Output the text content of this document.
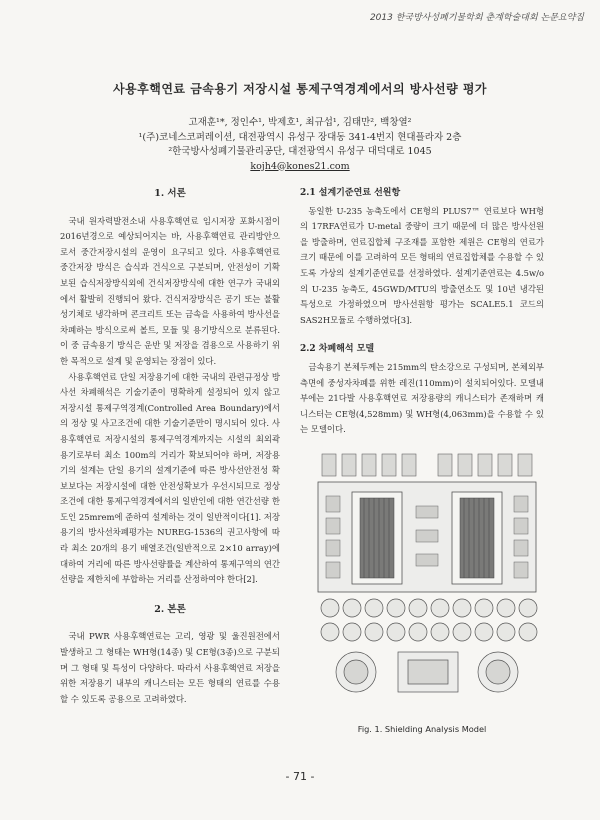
2013 한국방사성폐기물학회 춘계학술대회 논문요약집
사용후핵연료 금속용기 저장시설 통제구역경계에서의 방사선량 평가
고재훈¹*, 정인수¹, 박제호¹, 최규섭¹, 김태만², 백창열²
¹(주)코네스코퍼레이션, 대전광역시 유성구 장대동 341-4번지 현대플라자 2층
²한국방사성폐기물관리공단, 대전광역시 유성구 대덕대로 1045
kojh4@kones21.com
1. 서론

국내 원자력발전소내 사용후핵연료 임시저장 포화시점이 2016년경으로 예상되어지는 바, 사용후핵연료 관리방안으로서 중간저장시설의 운영이 요구되고 있다. 사용후핵연료 중간저장 방식은 습식과 건식으로 구분되며, 안전성이 기확보된 습식저장방식외에 건식저장방식에 대한 연구가 국내외에서 활발히 진행되어 왔다. 건식저장방식은 공기 또는 불활성기체로 냉각하며 콘크리트 또는 금속을 사용하여 방사선을 차폐하는 방식으로써 볼트, 모듈 및 용기방식으로 분류된다. 이 중 금속용기 방식은 운반 및 저장을 겸용으로 사용하기 위한 목적으로 설계 및 운영되는 장점이 있다.

사용후핵연료 단일 저장용기에 대한 국내의 관련규정상 방사선 차폐해석은 기술기준이 명확하게 설정되어 있지 않고 저장시설 통제구역경계(Controlled Area Boundary)에서의 정상 및 사고조건에 대한 기술기준만이 명시되어 있다. 사용후핵연료 저장시설의 통제구역경계까지는 시설의 최외곽 용기로부터 최소 100m의 거리가 확보되어야 하며, 저장용기의 설계는 단일 용기의 설계기준에 따른 방사선안전성 확보보다는 저장시설에 대한 안전성확보가 우선시되므로 정상조건에 대한 통제구역경계에서의 일반인에 대한 연간선량 한도인 25mrem에 준하여 설계하는 것이 일반적이다[1]. 저장용기의 방사선차폐평가는 NUREG-1536의 권고사항에 따라 최소 20개의 용기 배열조건(일반적으로 2×10 array)에 대하여 거리에 따른 방사선량률을 계산하여 통제구역의 연간선량을 제한치에 부합하는 거리를 산정하여야 한다[2].

2. 본론

국내 PWR 사용후핵연료는 고리, 영광 및 울진원전에서 발생하고 그 형태는 WH형(14종) 및 CE형(3종)으로 구분되며 그 형태 및 특성이 다양하다. 따라서 사용후핵연료 저장을 위한 저장용기 내부의 캐니스터는 모든 형태의 연료를 수용할 수 있도록 공용으로 고려하였다.

2.1 설계기준연료 선원항

동일한 U-235 농축도에서 CE형의 PLUS7™ 연료보다 WH형의 17RFA연료가 U-metal 중량이 크기 때문에 더 많은 방사선원을 방출하며, 연료집합체 구조재를 포함한 제원은 CE형의 연료가 크기 때문에 이를 고려하여 모든 형태의 연료집합체를 수용할 수 있도록 가상의 설계기준연료를 선정하였다. 설계기준연료는 4.5w/o의 U-235 농축도, 45GWD/MTU의 방출연소도 및 10년 냉각된 특성으로 가정하였으며 방사선원항 평가는 SCALE5.1 코드의 SAS2H모듈로 수행하였다[3].

2.2 차폐해석 모델

금속용기 본체두께는 215mm의 탄소강으로 구성되며, 본체외부 측면에 중성자차폐를 위한 레진(110mm)이 설치되어있다. 모델내부에는 21다발 사용후핵연료 저장용량의 캐니스터가 존재하며 캐니스터는 CE형(4,528mm) 및 WH형(4,063mm)을 수용할 수 있는 모델이다.

Fig. 1. Shielding Analysis Model
- 71 -
